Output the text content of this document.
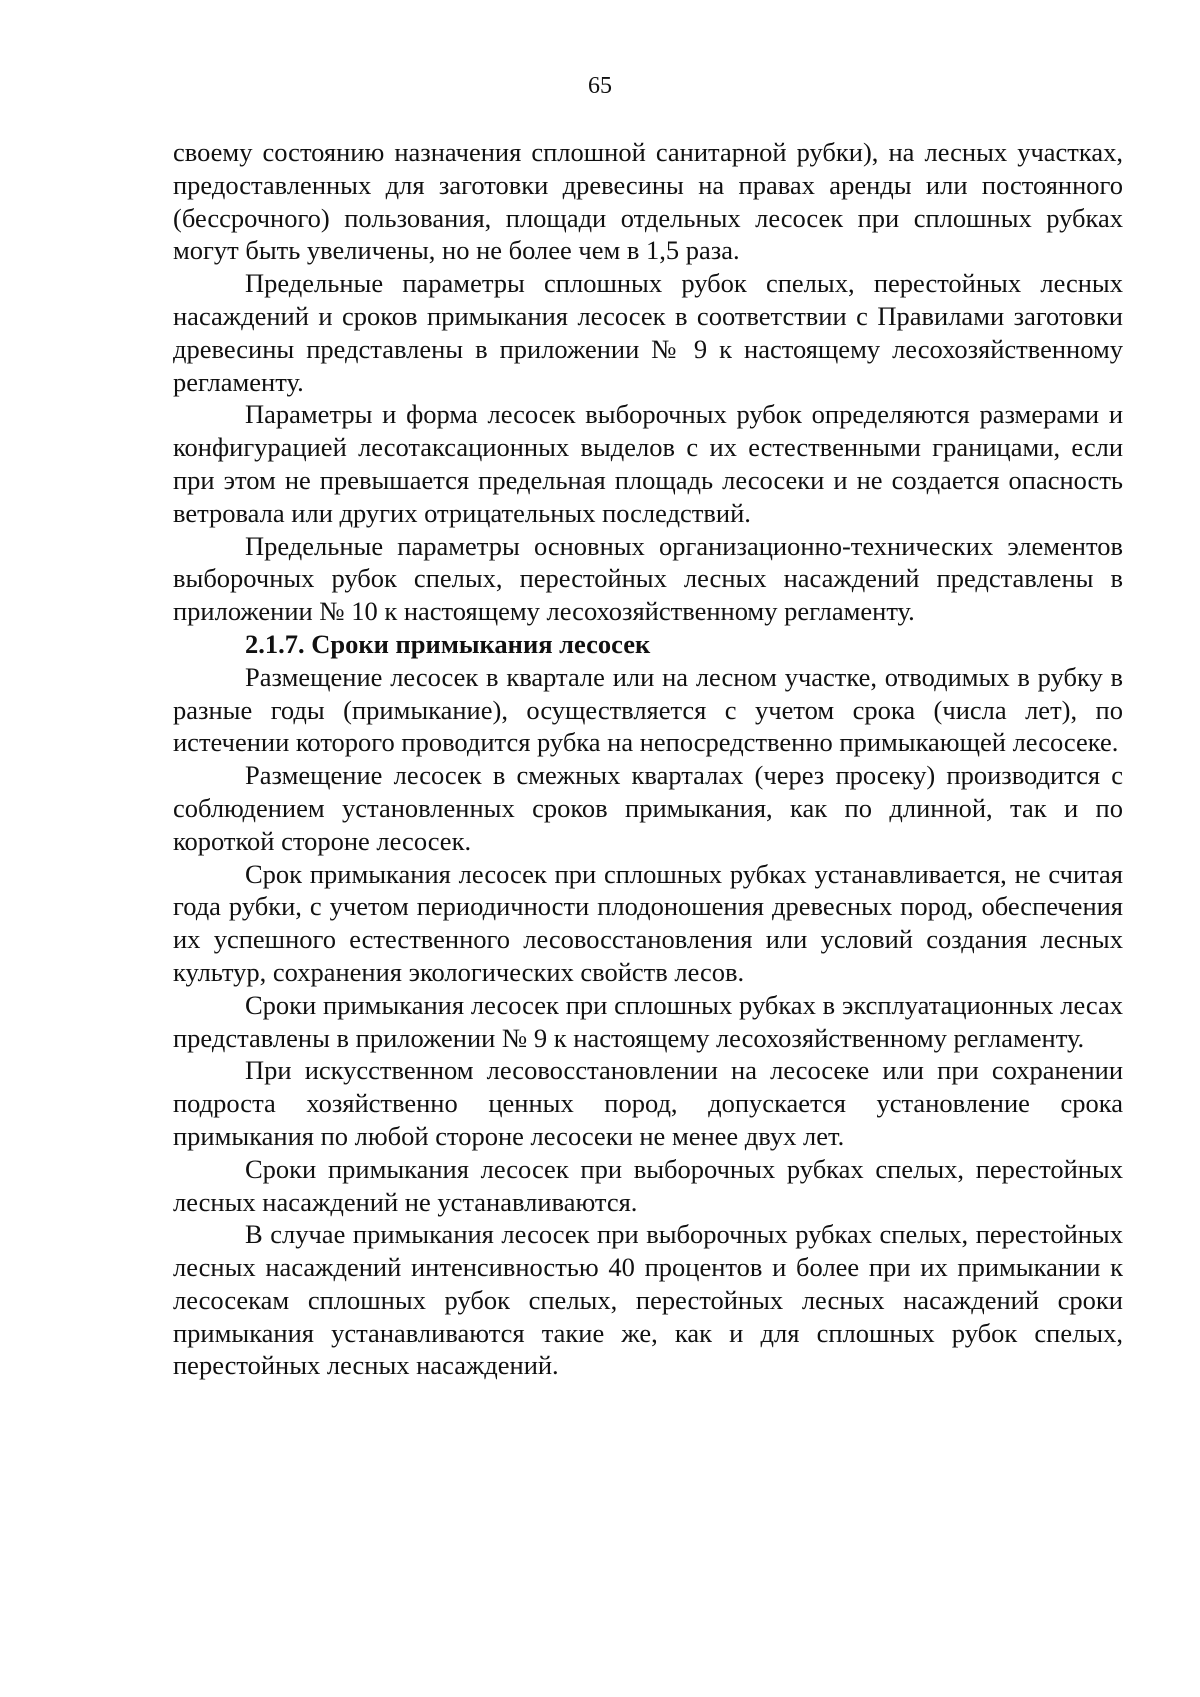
65

своему состоянию назначения сплошной санитарной рубки), на лесных участках, предоставленных для заготовки древесины на правах аренды или постоянного (бессрочного) пользования, площади отдельных лесосек при сплошных рубках могут быть увеличены, но не более чем в 1,5 раза.

Предельные параметры сплошных рубок спелых, перестойных лесных насаждений и сроков примыкания лесосек в соответствии с Правилами заготовки древесины представлены в приложении № 9 к настоящему лесохозяйственному регламенту.

Параметры и форма лесосек выборочных рубок определяются размерами и конфигурацией лесотаксационных выделов с их естественными границами, если при этом не превышается предельная площадь лесосеки и не создается опасность ветровала или других отрицательных последствий.

Предельные параметры основных организационно-технических элементов выборочных рубок спелых, перестойных лесных насаждений представлены в приложении № 10 к настоящему лесохозяйственному регламенту.

2.1.7. Сроки примыкания лесосек

Размещение лесосек в квартале или на лесном участке, отводимых в рубку в разные годы (примыкание), осуществляется с учетом срока (числа лет), по истечении которого проводится рубка на непосредственно примыкающей лесосеке.

Размещение лесосек в смежных кварталах (через просеку) производится с соблюдением установленных сроков примыкания, как по длинной, так и по короткой стороне лесосек.

Срок примыкания лесосек при сплошных рубках устанавливается, не считая года рубки, с учетом периодичности плодоношения древесных пород, обеспечения их успешного естественного лесовосстановления или условий создания лесных культур, сохранения экологических свойств лесов.

Сроки примыкания лесосек при сплошных рубках в эксплуатационных лесах представлены в приложении № 9 к настоящему лесохозяйственному регламенту.

При искусственном лесовосстановлении на лесосеке или при сохранении подроста хозяйственно ценных пород, допускается установление срока примыкания по любой стороне лесосеки не менее двух лет.

Сроки примыкания лесосек при выборочных рубках спелых, перестойных лесных насаждений не устанавливаются.

В случае примыкания лесосек при выборочных рубках спелых, перестойных лесных насаждений интенсивностью 40 процентов и более при их примыкании к лесосекам сплошных рубок спелых, перестойных лесных насаждений сроки примыкания устанавливаются такие же, как и для сплошных рубок спелых, перестойных лесных насаждений.
